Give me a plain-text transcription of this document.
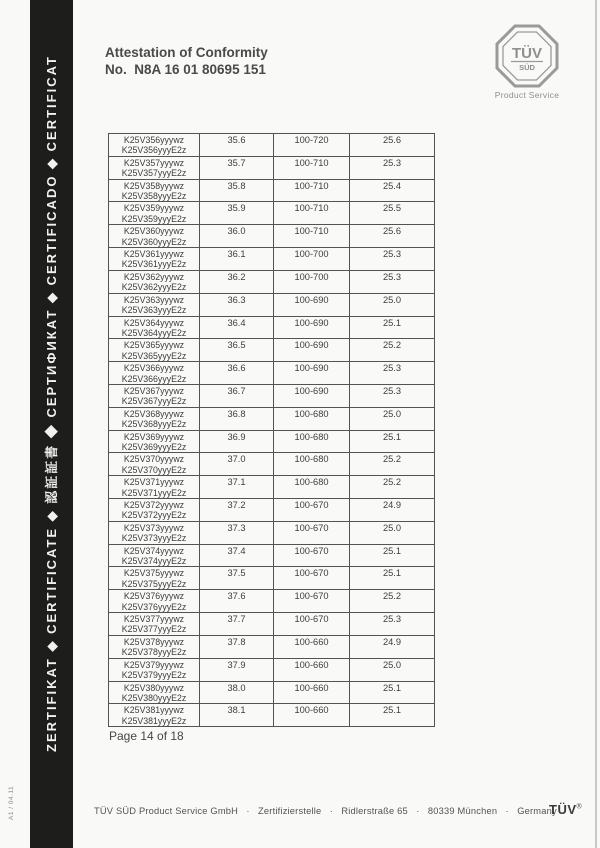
A1 / 04.11
ZERTIFIKAT ◆ CERTIFICATE ◆ 認証証書 ◆ СЕРТИФИКАТ ◆ CERTIFICADO ◆ CERTIFICAT
Attestation of Conformity
No.  N8A 16 01 80695 151
TÜV
SÜD
Product Service
K25V356yyywz
K25V356yyyE2z	35.6	100-720	25.6

K25V357yyywz
K25V357yyyE2z	35.7	100-710	25.3

K25V358yyywz
K25V358yyyE2z	35.8	100-710	25.4

K25V359yyywz
K25V359yyyE2z	35.9	100-710	25.5

K25V360yyywz
K25V360yyyE2z	36.0	100-710	25.6

K25V361yyywz
K25V361yyyE2z	36.1	100-700	25.3

K25V362yyywz
K25V362yyyE2z	36.2	100-700	25.3

K25V363yyywz
K25V363yyyE2z	36.3	100-690	25.0

K25V364yyywz
K25V364yyyE2z	36.4	100-690	25.1

K25V365yyywz
K25V365yyyE2z	36.5	100-690	25.2

K25V366yyywz
K25V366yyyE2z	36.6	100-690	25.3

K25V367yyywz
K25V367yyyE2z	36.7	100-690	25.3

K25V368yyywz
K25V368yyyE2z	36.8	100-680	25.0

K25V369yyywz
K25V369yyyE2z	36.9	100-680	25.1

K25V370yyywz
K25V370yyyE2z	37.0	100-680	25.2

K25V371yyywz
K25V371yyyE2z	37.1	100-680	25.2

K25V372yyywz
K25V372yyyE2z	37.2	100-670	24.9

K25V373yyywz
K25V373yyyE2z	37.3	100-670	25.0

K25V374yyywz
K25V374yyyE2z	37.4	100-670	25.1

K25V375yyywz
K25V375yyyE2z	37.5	100-670	25.1

K25V376yyywz
K25V376yyyE2z	37.6	100-670	25.2

K25V377yyywz
K25V377yyyE2z	37.7	100-670	25.3

K25V378yyywz
K25V378yyyE2z	37.8	100-660	24.9

K25V379yyywz
K25V379yyyE2z	37.9	100-660	25.0

K25V380yyywz
K25V380yyyE2z	38.0	100-660	25.1

K25V381yyywz
K25V381yyyE2z	38.1	100-660	25.1
Page 14 of 18
TÜV SÜD Product Service GmbH   ·   Zertifizierstelle   ·   Ridlerstraße 65   ·   80339 München   ·   Germany
TÜV®
